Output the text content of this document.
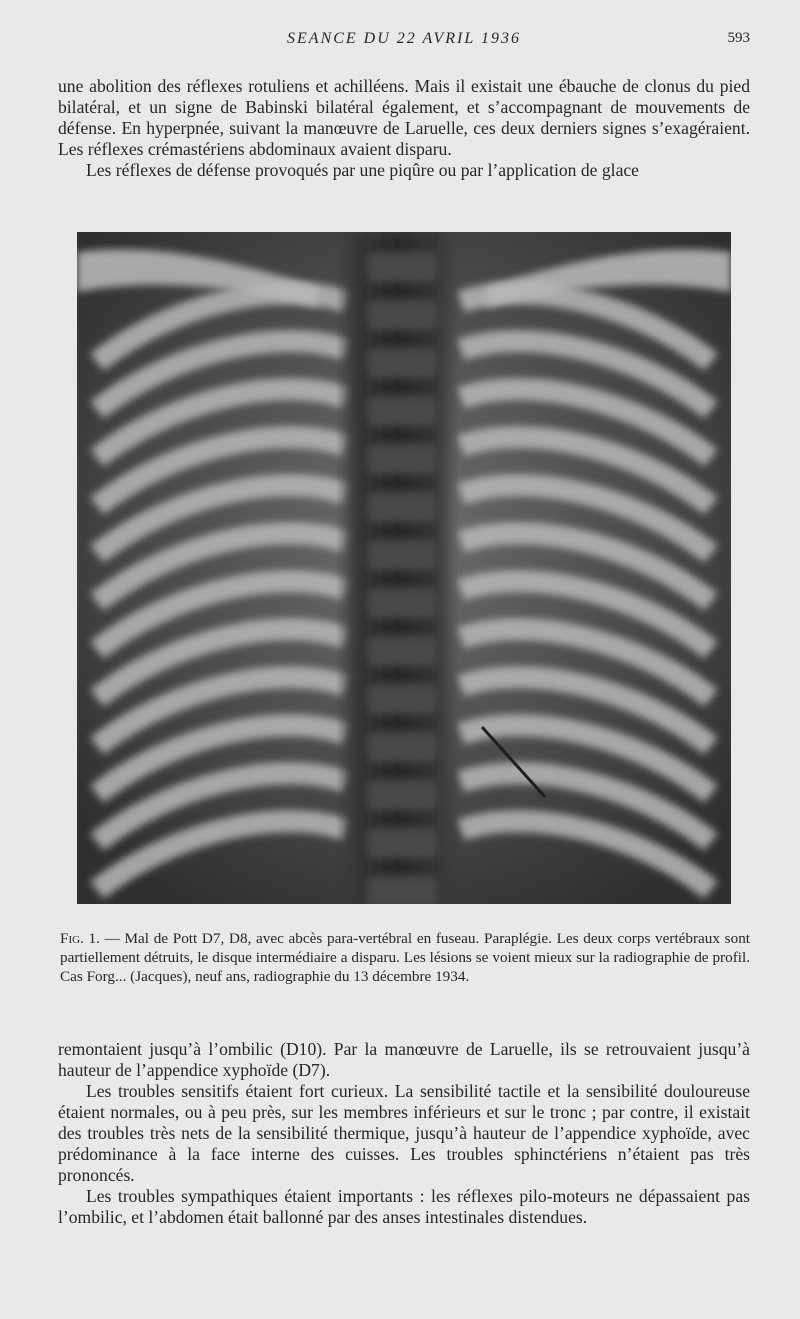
SEANCE DU 22 AVRIL 1936	593

une abolition des réflexes rotuliens et achilléens. Mais il existait une ébauche de clonus du pied bilatéral, et un signe de Babinski bilatéral également, et s’accompagnant de mouvements de défense. En hyperpnée, suivant la manœuvre de Laruelle, ces deux derniers signes s’exagéraient. Les réflexes crémastériens abdominaux avaient disparu.

Les réflexes de défense provoqués par une piqûre ou par l’application de glace

Fig. 1. — Mal de Pott D7, D8, avec abcès para-vertébral en fuseau. Paraplégie. Les deux corps vertébraux sont partiellement détruits, le disque intermédiaire a disparu. Les lésions se voient mieux sur la radiographie de profil. Cas Forg... (Jacques), neuf ans, radiographie du 13 décembre 1934.

remontaient jusqu’à l’ombilic (D10). Par la manœuvre de Laruelle, ils se retrouvaient jusqu’à hauteur de l’appendice xyphoïde (D7).

Les troubles sensitifs étaient fort curieux. La sensibilité tactile et la sensibilité douloureuse étaient normales, ou à peu près, sur les membres inférieurs et sur le tronc ; par contre, il existait des troubles très nets de la sensibilité thermique, jusqu’à hauteur de l’appendice xyphoïde, avec prédominance à la face interne des cuisses. Les troubles sphinctériens n’étaient pas très prononcés.

Les troubles sympathiques étaient importants : les réflexes pilo-moteurs ne dépassaient pas l’ombilic, et l’abdomen était ballonné par des anses intestinales distendues.
